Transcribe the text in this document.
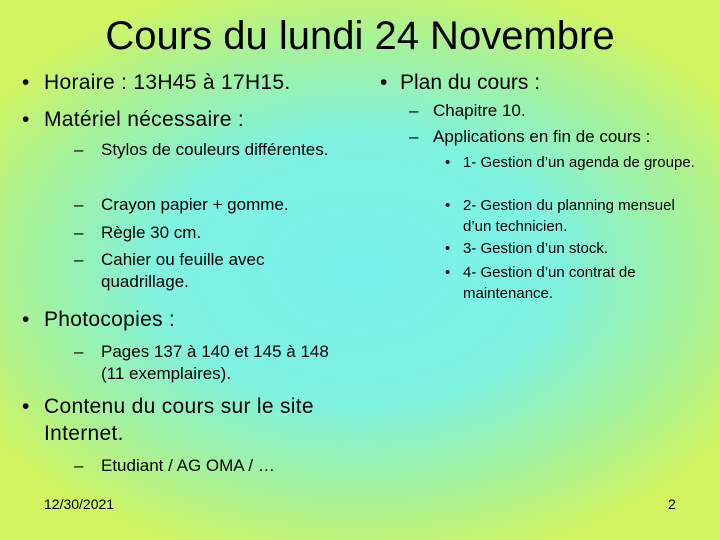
Cours du lundi 24 Novembre
• Horaire : 13H45 à 17H15.
• Matériel nécessaire :
– Stylos de couleurs différentes.
– Crayon papier + gomme.
– Règle 30 cm.
– Cahier ou feuille avec quadrillage.
• Photocopies :
– Pages 137 à 140 et 145 à 148 (11 exemplaires).
• Contenu du cours sur le site Internet.
– Etudiant / AG OMA / …
• Plan du cours :
– Chapitre 10.
– Applications en fin de cours :
• 1- Gestion d’un agenda de groupe.
• 2- Gestion du planning mensuel d’un technicien.
• 3- Gestion d’un stock.
• 4- Gestion d’un contrat de maintenance.
12/30/2021	2
